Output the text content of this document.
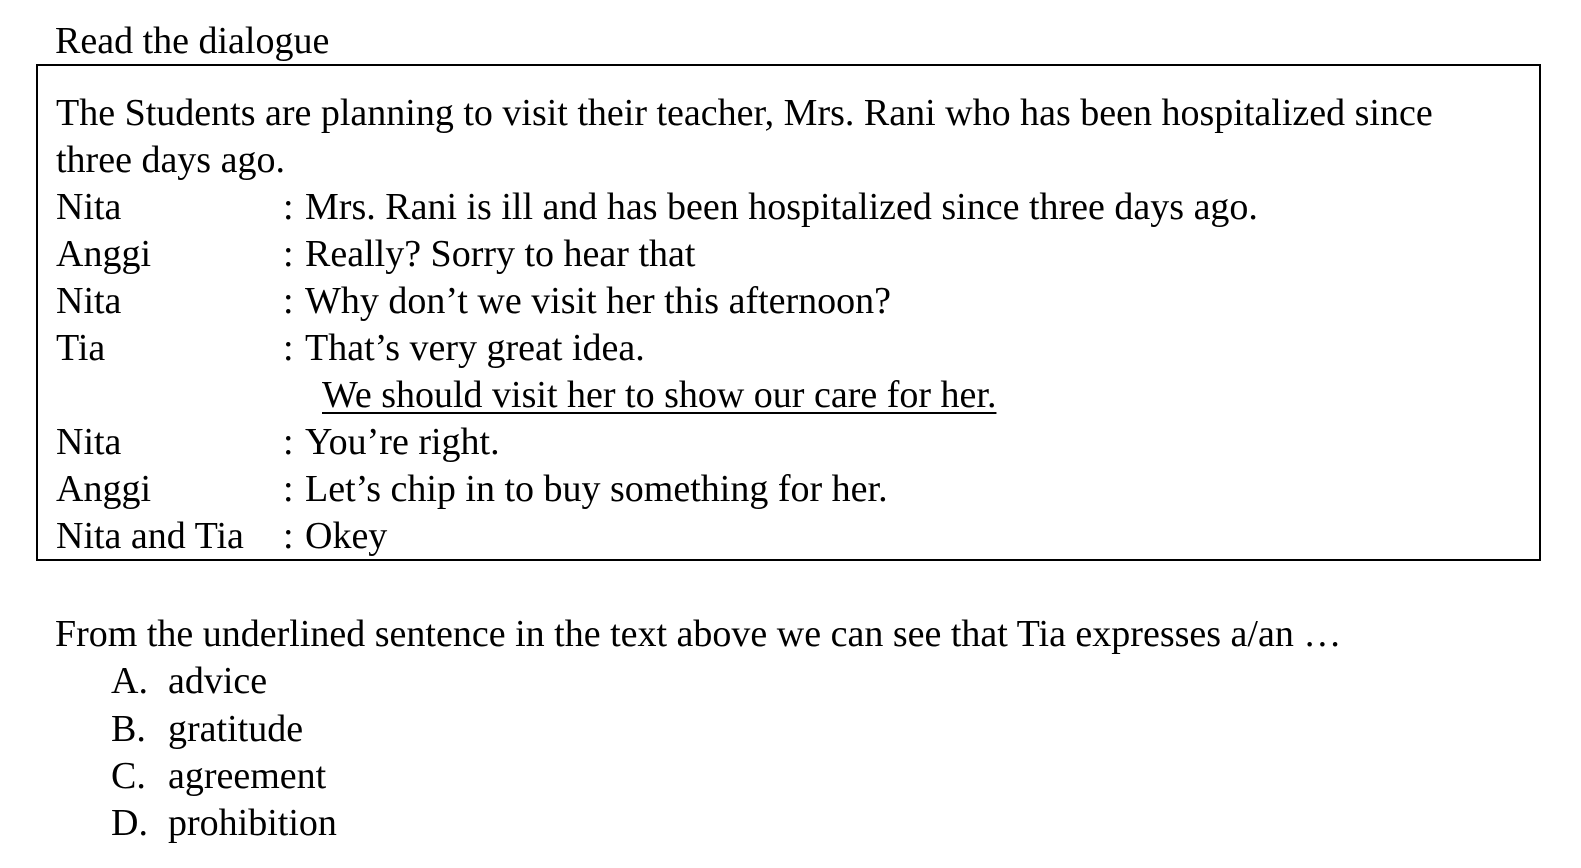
Read the dialogue
The Students are planning to visit their teacher, Mrs. Rani who has been hospitalized since three days ago.
Nita	: Mrs. Rani is ill and has been hospitalized since three days ago.
Anggi	: Really? Sorry to hear that
Nita	: Why don’t we visit her this afternoon?
Tia	: That’s very great idea.
We should visit her to show our care for her.
Nita	: You’re right.
Anggi	: Let’s chip in to buy something for her.
Nita and Tia : Okey
From the underlined sentence in the text above we can see that Tia expresses a/an …
A. advice
B. gratitude
C. agreement
D. prohibition
